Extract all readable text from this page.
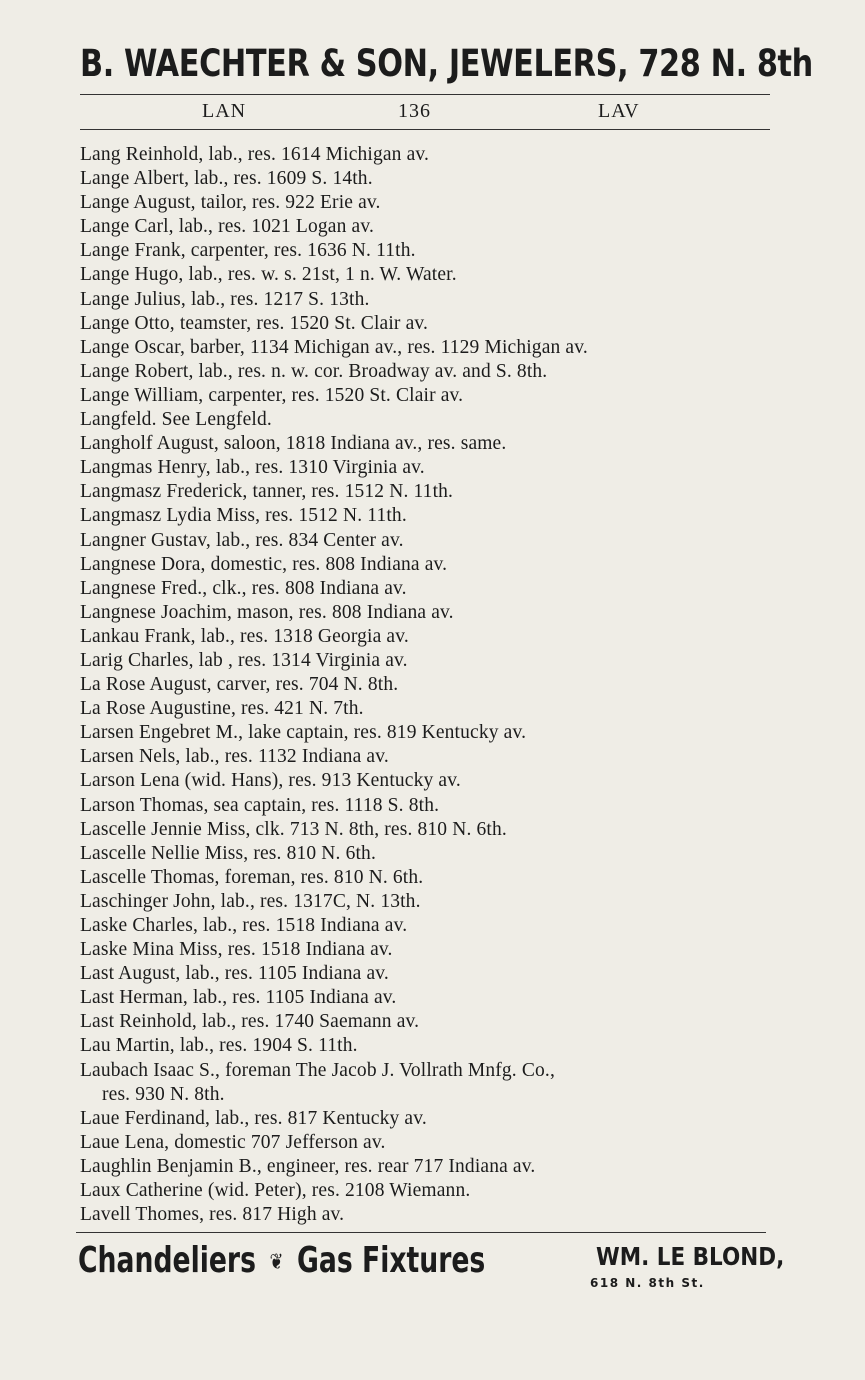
B. WAECHTER & SON, JEWELERS, 728 N. 8th
LAN	136	LAV
Lang Reinhold, lab., res. 1614 Michigan av.
Lange Albert, lab., res. 1609 S. 14th.
Lange August, tailor, res. 922 Erie av.
Lange Carl, lab., res. 1021 Logan av.
Lange Frank, carpenter, res. 1636 N. 11th.
Lange Hugo, lab., res. w. s. 21st, 1 n. W. Water.
Lange Julius, lab., res. 1217 S. 13th.
Lange Otto, teamster, res. 1520 St. Clair av.
Lange Oscar, barber, 1134 Michigan av., res. 1129 Michigan av.
Lange Robert, lab., res. n. w. cor. Broadway av. and S. 8th.
Lange William, carpenter, res. 1520 St. Clair av.
Langfeld. See Lengfeld.
Langholf August, saloon, 1818 Indiana av., res. same.
Langmas Henry, lab., res. 1310 Virginia av.
Langmasz Frederick, tanner, res. 1512 N. 11th.
Langmasz Lydia Miss, res. 1512 N. 11th.
Langner Gustav, lab., res. 834 Center av.
Langnese Dora, domestic, res. 808 Indiana av.
Langnese Fred., clk., res. 808 Indiana av.
Langnese Joachim, mason, res. 808 Indiana av.
Lankau Frank, lab., res. 1318 Georgia av.
Larig Charles, lab , res. 1314 Virginia av.
La Rose August, carver, res. 704 N. 8th.
La Rose Augustine, res. 421 N. 7th.
Larsen Engebret M., lake captain, res. 819 Kentucky av.
Larsen Nels, lab., res. 1132 Indiana av.
Larson Lena (wid. Hans), res. 913 Kentucky av.
Larson Thomas, sea captain, res. 1118 S. 8th.
Lascelle Jennie Miss, clk. 713 N. 8th, res. 810 N. 6th.
Lascelle Nellie Miss, res. 810 N. 6th.
Lascelle Thomas, foreman, res. 810 N. 6th.
Laschinger John, lab., res. 1317C, N. 13th.
Laske Charles, lab., res. 1518 Indiana av.
Laske Mina Miss, res. 1518 Indiana av.
Last August, lab., res. 1105 Indiana av.
Last Herman, lab., res. 1105 Indiana av.
Last Reinhold, lab., res. 1740 Saemann av.
Lau Martin, lab., res. 1904 S. 11th.
Laubach Isaac S., foreman The Jacob J. Vollrath Mnfg. Co.,
res. 930 N. 8th.
Laue Ferdinand, lab., res. 817 Kentucky av.
Laue Lena, domestic 707 Jefferson av.
Laughlin Benjamin B., engineer, res. rear 717 Indiana av.
Laux Catherine (wid. Peter), res. 2108 Wiemann.
Lavell Thomes, res. 817 High av.
Chandeliers ❦ Gas Fixtures	WM. LE BLOND,
618 N. 8th St.
